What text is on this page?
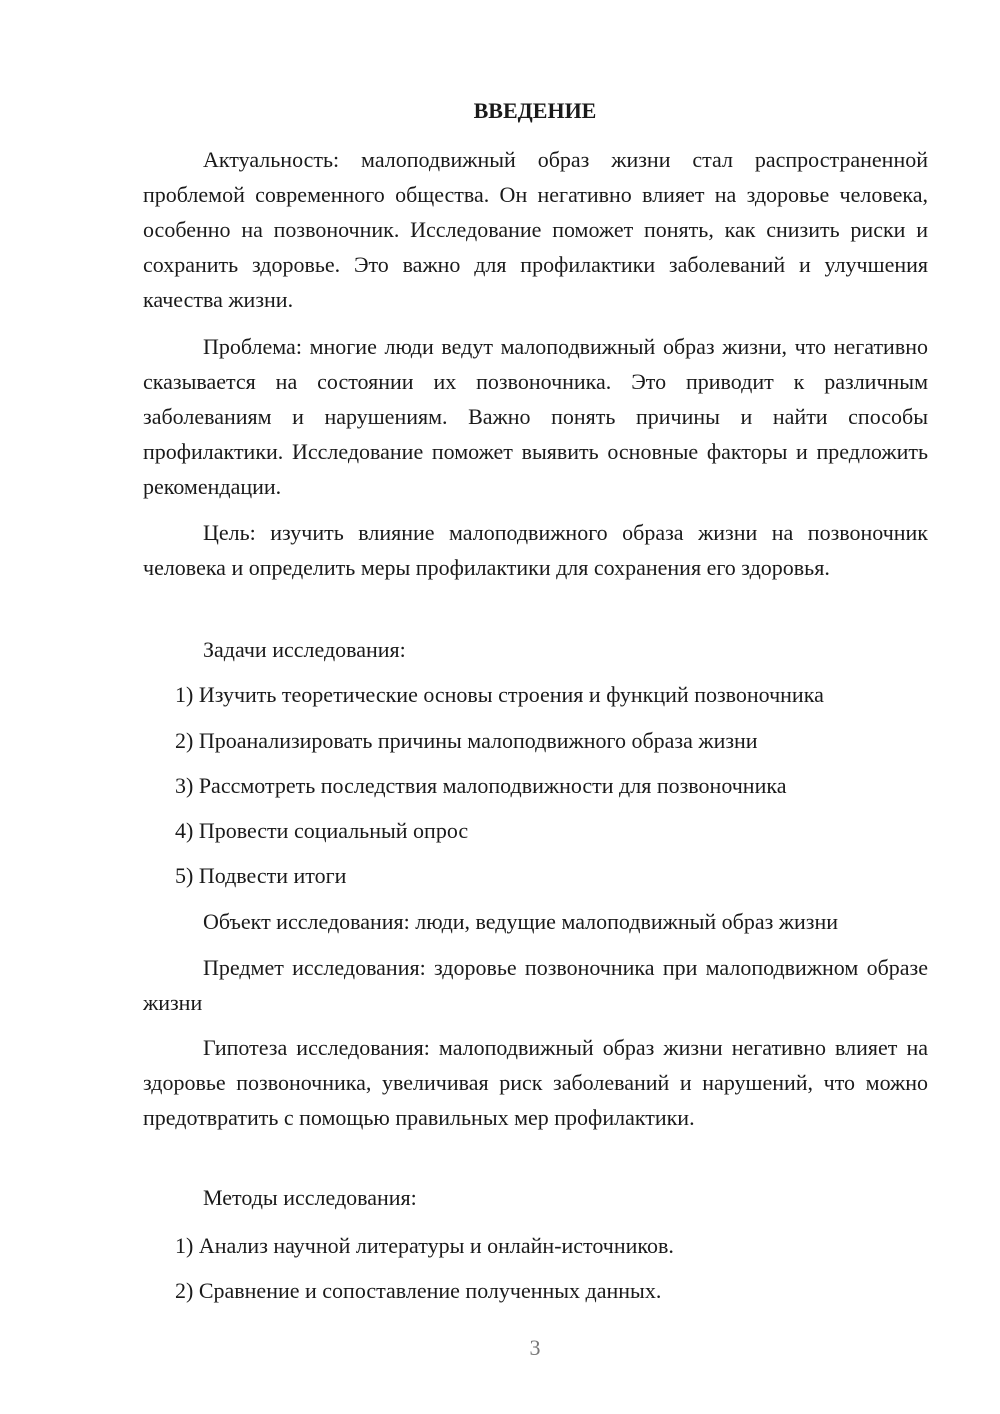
ВВЕДЕНИЕ

Актуальность: малоподвижный образ жизни стал распространенной проблемой современного общества. Он негативно влияет на здоровье человека, особенно на позвоночник. Исследование поможет понять, как снизить риски и сохранить здоровье. Это важно для профилактики заболеваний и улучшения качества жизни.

Проблема: многие люди ведут малоподвижный образ жизни, что негативно сказывается на состоянии их позвоночника. Это приводит к различным заболеваниям и нарушениям. Важно понять причины и найти способы профилактики. Исследование поможет выявить основные факторы и предложить рекомендации.

Цель: изучить влияние малоподвижного образа жизни на позвоночник человека и определить меры профилактики для сохранения его здоровья.

Задачи исследования:

1) Изучить теоретические основы строения и функций позвоночника

2) Проанализировать причины малоподвижного образа жизни

3) Рассмотреть последствия малоподвижности для позвоночника

4) Провести социальный опрос

5) Подвести итоги

Объект исследования: люди, ведущие малоподвижный образ жизни

Предмет исследования: здоровье позвоночника при малоподвижном образе жизни

Гипотеза исследования: малоподвижный образ жизни негативно влияет на здоровье позвоночника, увеличивая риск заболеваний и нарушений, что можно предотвратить с помощью правильных мер профилактики.

Методы исследования:

1) Анализ научной литературы и онлайн-источников.

2) Сравнение и сопоставление полученных данных.

3
